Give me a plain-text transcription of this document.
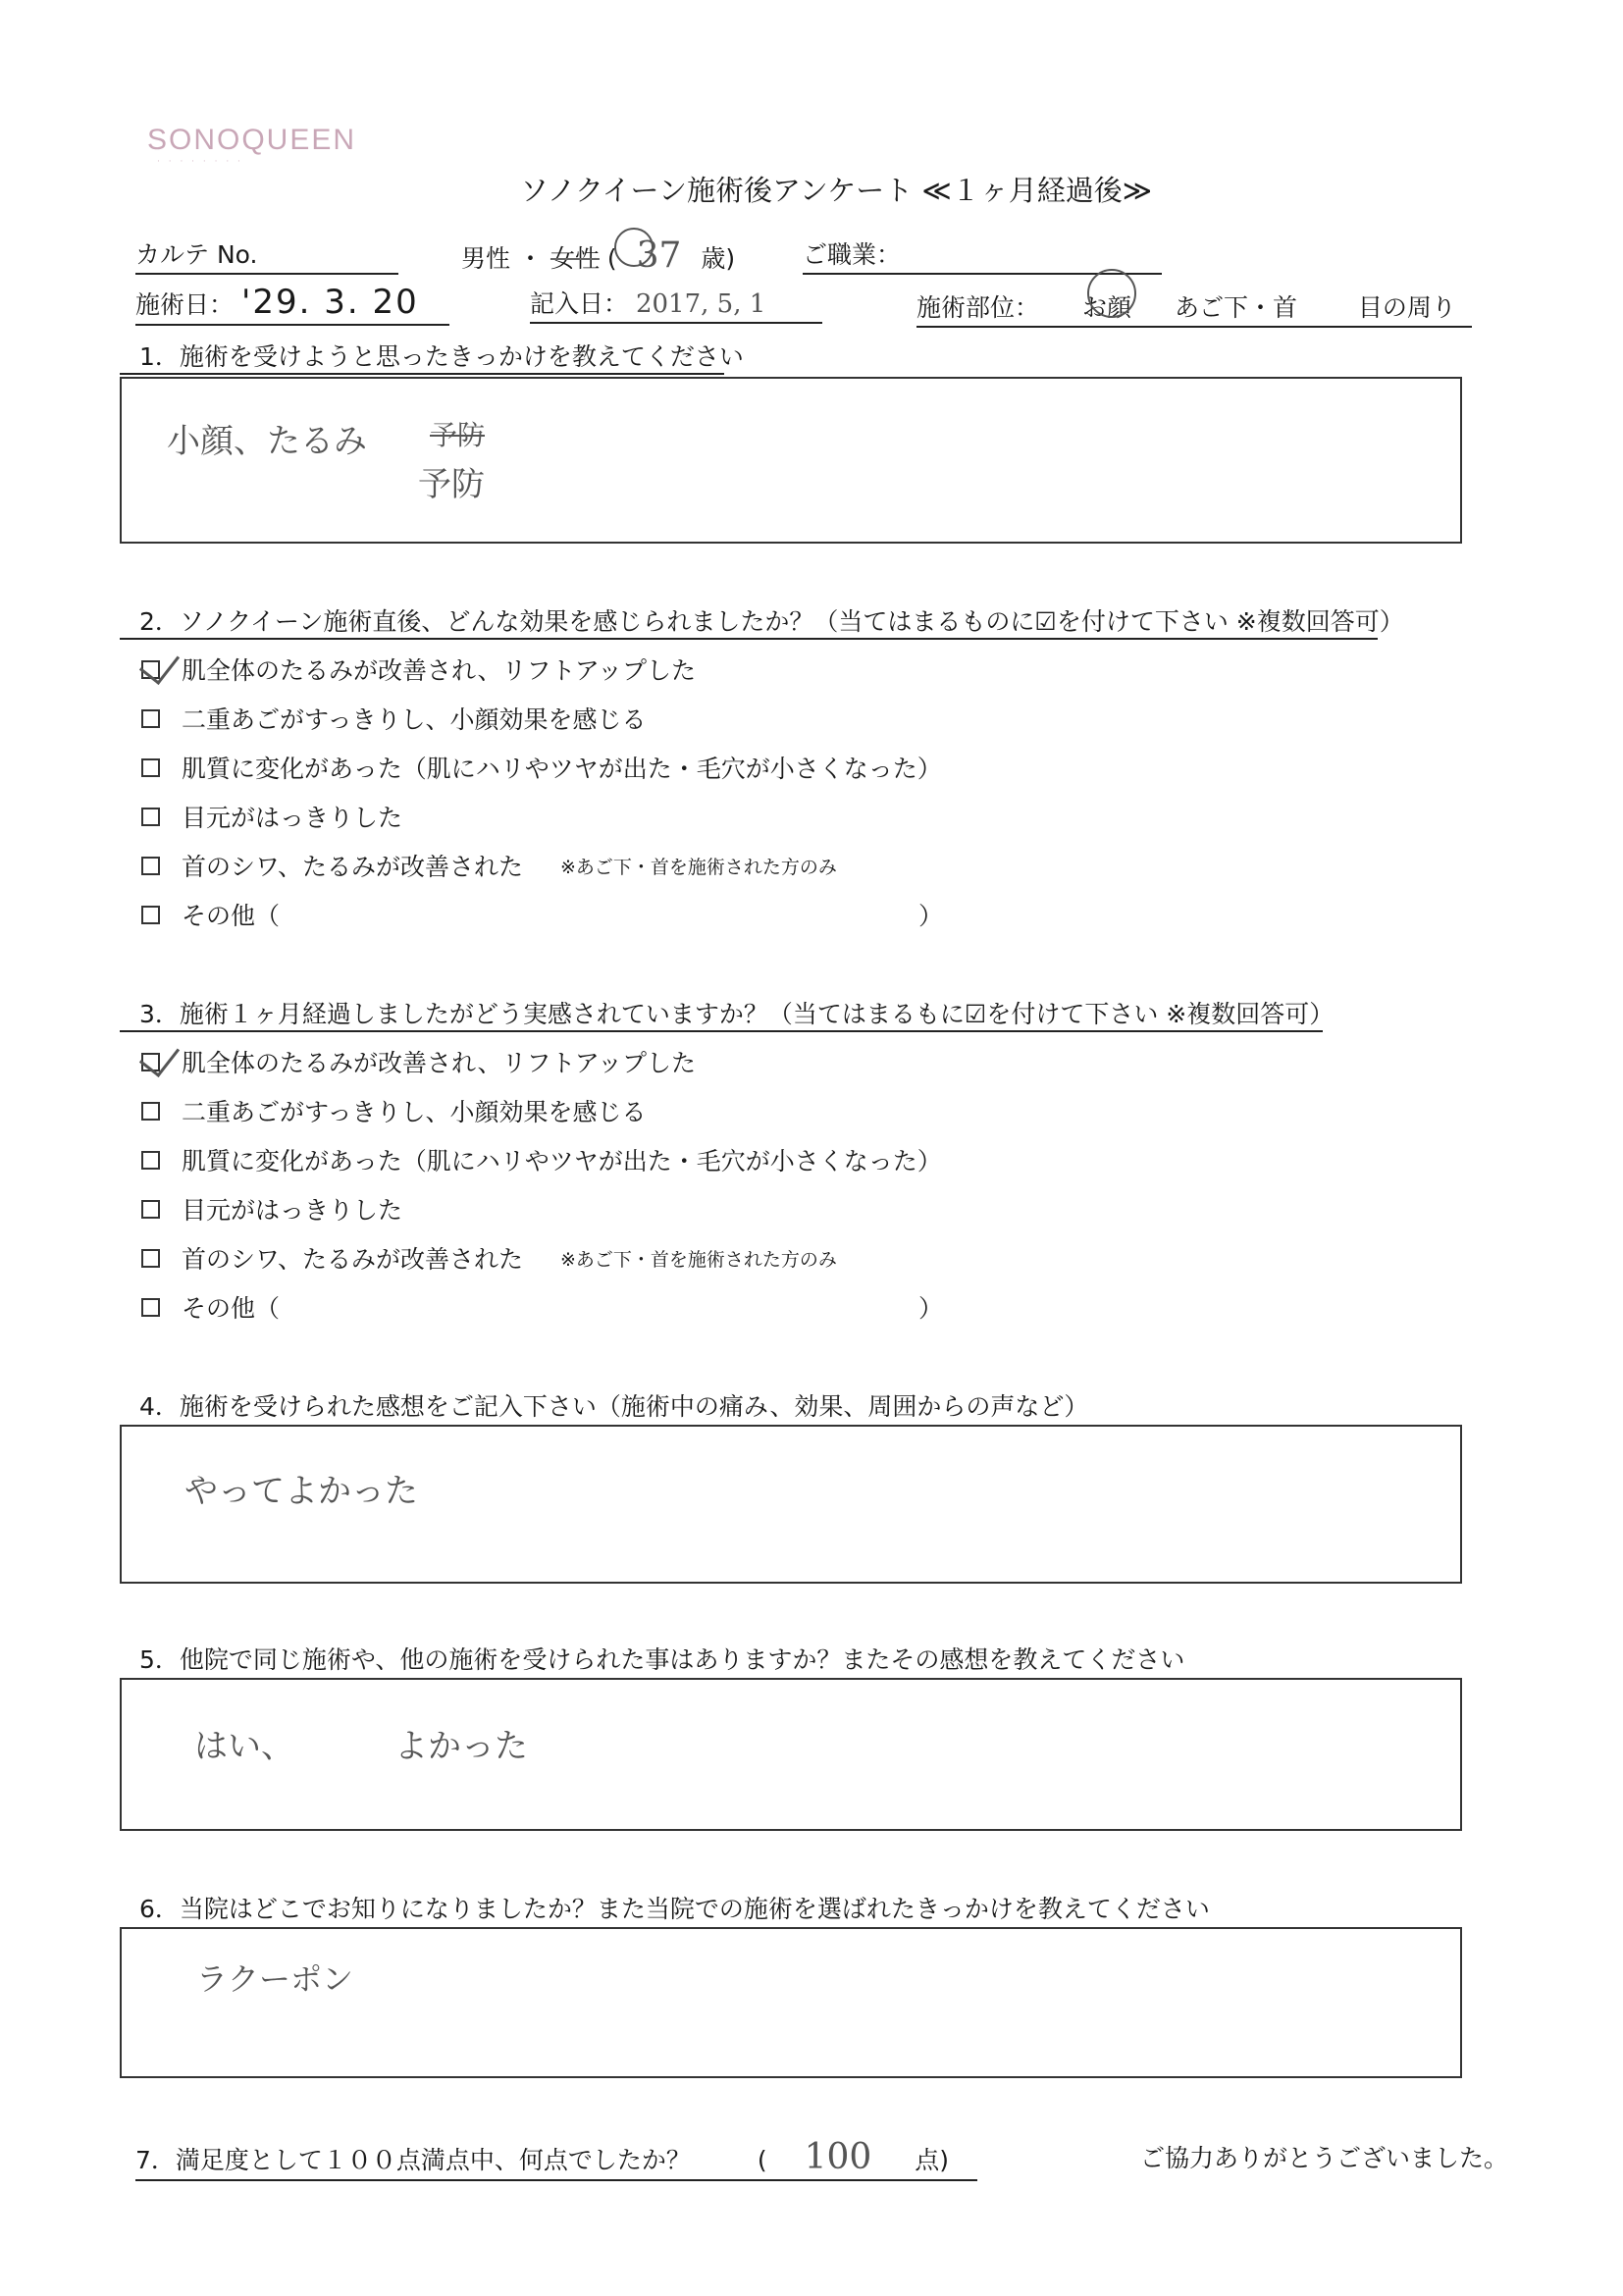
SONOQUEEN
· · · · · · · ·
ソノクイーン施術後アンケート ≪１ヶ月経過後≫
カルテ No.	男性 ・ 女性 ( 37 歳)	ご職業：
施術日： '29. 3. 20	記入日： 2017, 5, 1	施術部位： お顔 あご下・首 目の周り
1．施術を受けようと思ったきっかけを教えてください
小顔、たるみ 予防
予防
2．ソノクイーン施術直後、どんな効果を感じられましたか？（当てはまるものに☑を付けて下さい ※複数回答可）
肌全体のたるみが改善され、リフトアップした
二重あごがすっきりし、小顔効果を感じる
肌質に変化があった（肌にハリやツヤが出た・毛穴が小さくなった）
目元がはっきりした
首のシワ、たるみが改善された ※あご下・首を施術された方のみ
その他（	）
3．施術１ヶ月経過しましたがどう実感されていますか？（当てはまるもに☑を付けて下さい ※複数回答可）
肌全体のたるみが改善され、リフトアップした
二重あごがすっきりし、小顔効果を感じる
肌質に変化があった（肌にハリやツヤが出た・毛穴が小さくなった）
目元がはっきりした
首のシワ、たるみが改善された ※あご下・首を施術された方のみ
その他（	）
4．施術を受けられた感想をご記入下さい（施術中の痛み、効果、周囲からの声など）
やってよかった
5．他院で同じ施術や、他の施術を受けられた事はありますか？またその感想を教えてください
はい、	よかった
6．当院はどこでお知りになりましたか？また当院での施術を選ばれたきっかけを教えてください
ラクーポン
7．満足度として１００点満点中、何点でしたか？	( 100 点)	ご協力ありがとうございました。
